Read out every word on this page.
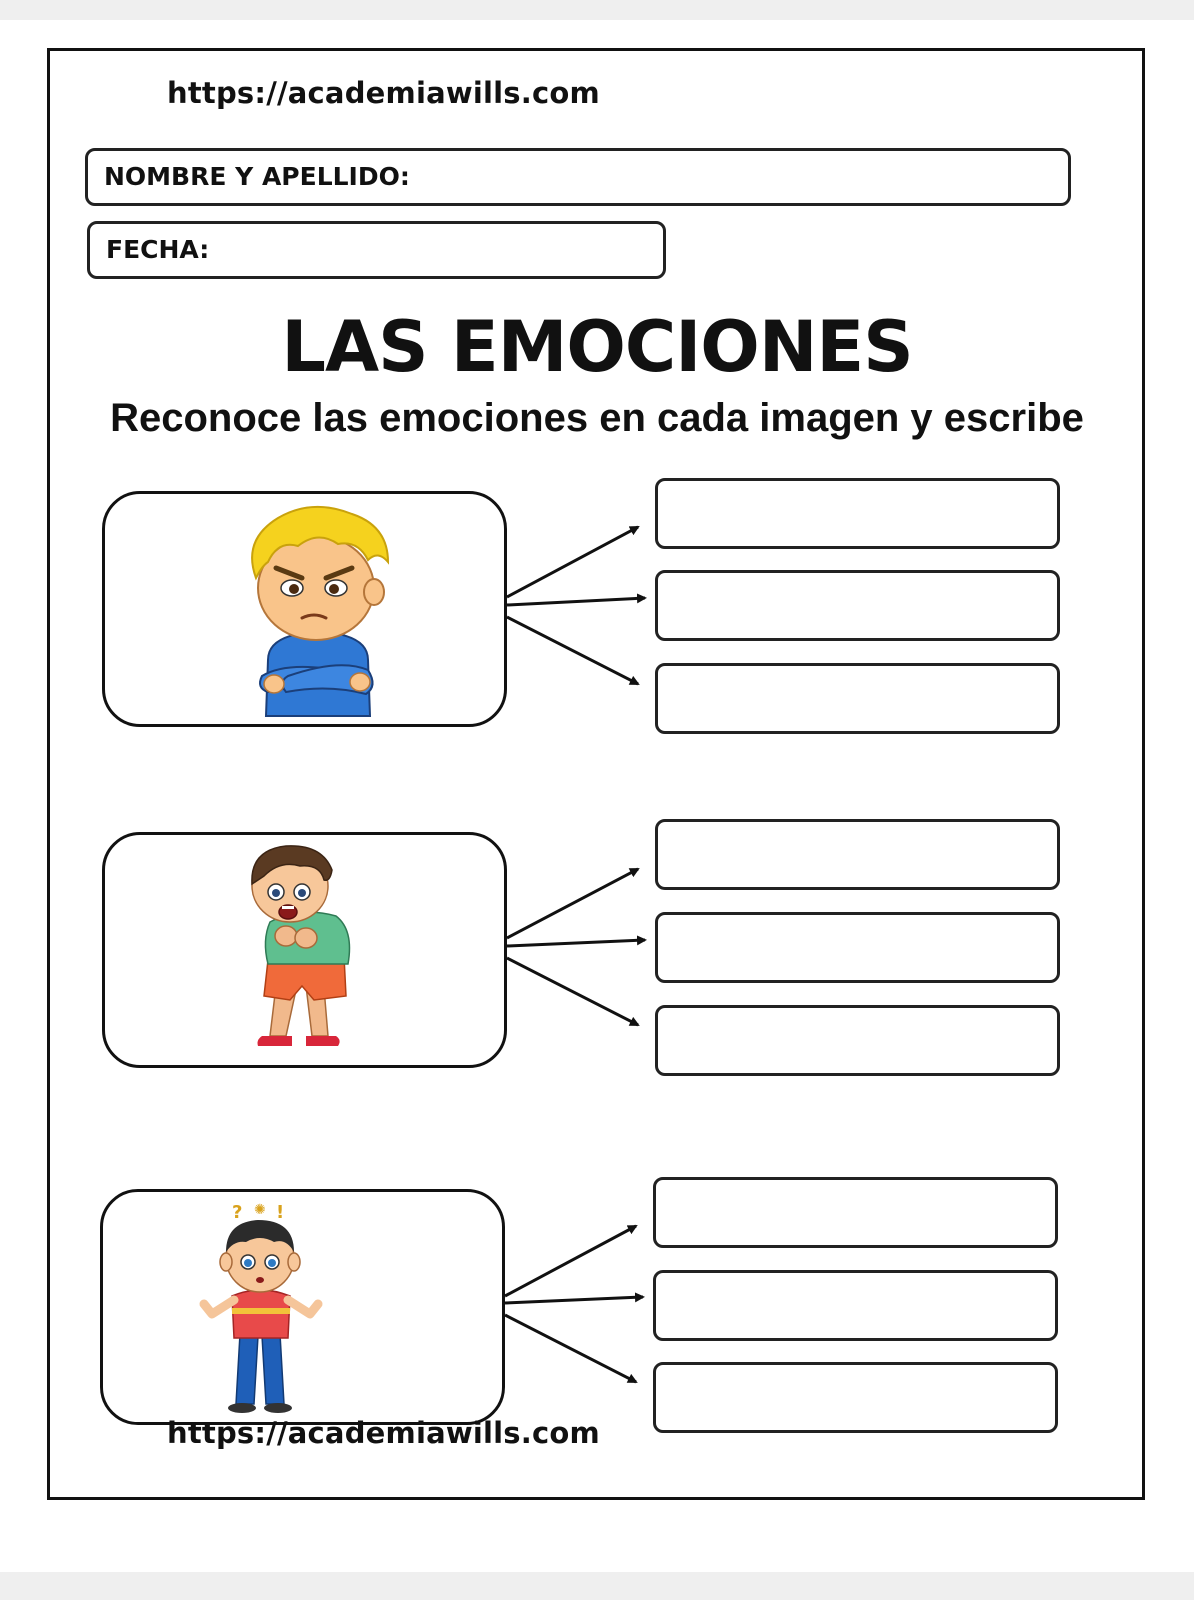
https://academiawills.com
NOMBRE Y APELLIDO:
FECHA:
LAS EMOCIONES
Reconoce las emociones en cada imagen y escribe
? ✺ !
https://academiawills.com
